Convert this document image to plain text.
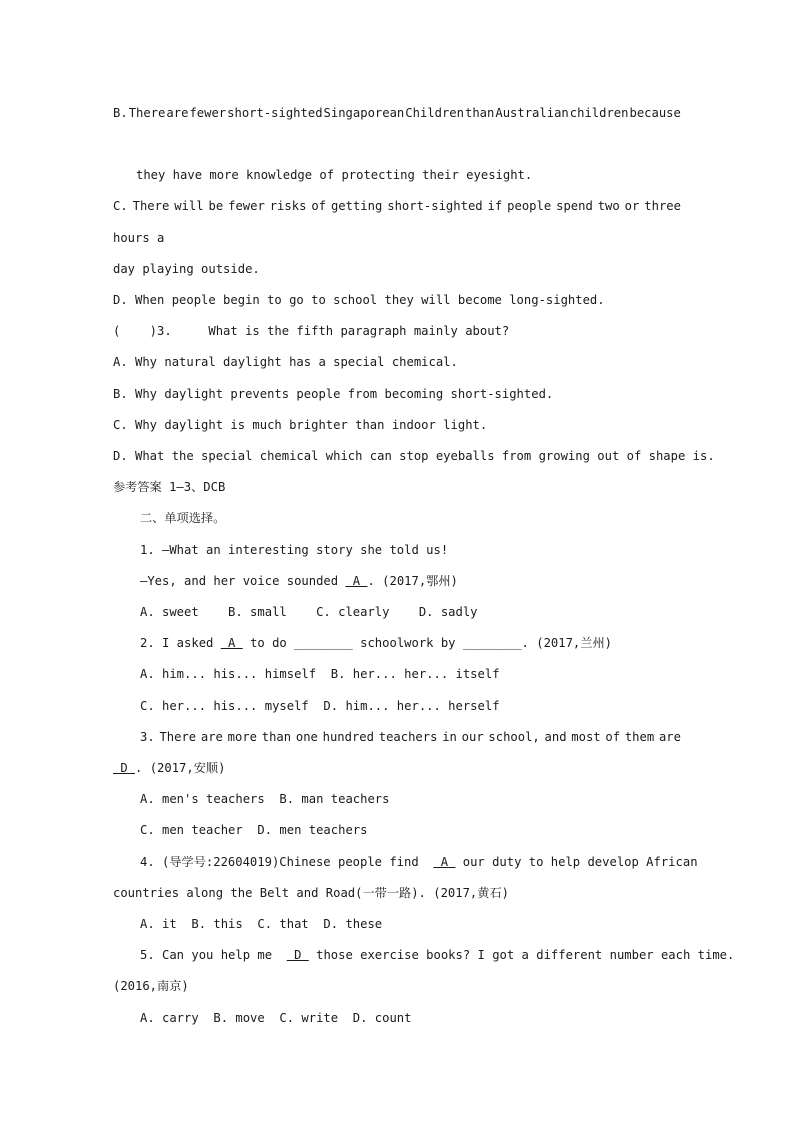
B. There are fewer short-sighted Singaporean Children than Australian children because
they have more knowledge of protecting their eyesight.
C. There will be fewer risks of getting short-sighted if people spend two or three
hours a
day playing outside.
D. When people begin to go to school they will become long-sighted.
(    )3.     What is the fifth paragraph mainly about?
A. Why natural daylight has a special chemical.
B. Why daylight prevents people from becoming short-sighted.
C. Why daylight is much brighter than indoor light.
D. What the special chemical which can stop eyeballs from growing out of shape is.
参考答案 1—3、DCB
二、单项选择。
1. —What an interesting story she told us!
—Yes, and her voice sounded  A . (2017,鄂州)
A. sweet    B. small    C. clearly    D. sadly
2. I asked  A  to do ________ schoolwork by ________. (2017,兰州)
A. him... his... himself  B. her... her... itself
C. her... his... myself  D. him... her... herself
3. There are more than one hundred teachers in our school, and most of them are
D . (2017,安顺)
A. men's teachers  B. man teachers
C. men teacher  D. men teachers
4. (导学号:22604019)Chinese people find   A  our duty to help develop African
countries along the Belt and Road(一带一路). (2017,黄石)
A. it  B. this  C. that  D. these
5. Can you help me   D  those exercise books? I got a different number each time.
(2016,南京)
A. carry  B. move  C. write  D. count
